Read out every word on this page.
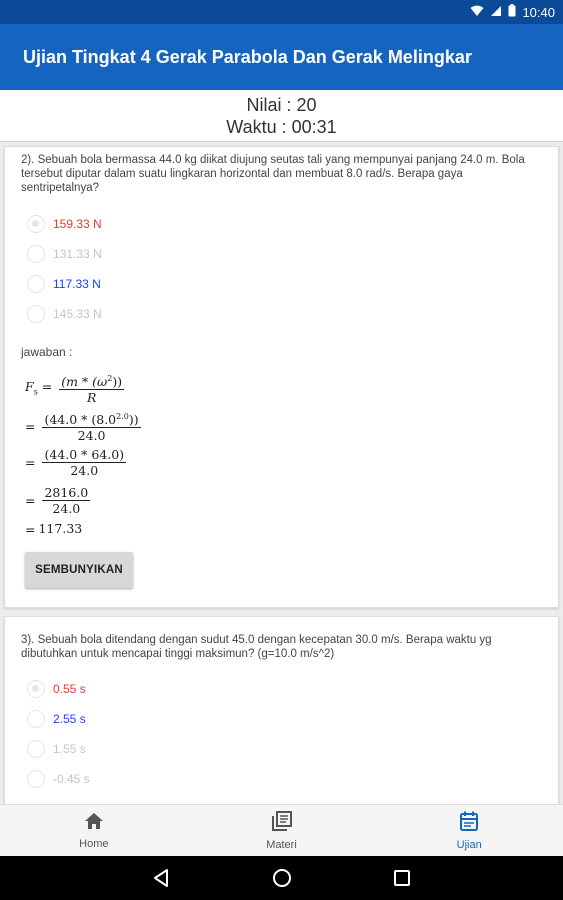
10:40
Ujian Tingkat 4 Gerak Parabola Dan Gerak Melingkar
Nilai : 20
Waktu : 00:31
2). Sebuah bola bermassa 44.0 kg diikat diujung seutas tali yang mempunyai panjang 24.0 m. Bola tersebut diputar dalam suatu lingkaran horizontal dan membuat 8.0 rad/s. Berapa gaya sentripetalnya?
159.33 N
131.33 N
117.33 N
145.33 N
jawaban :
$F_s = \frac{(m * (\omega^2))}{R}$
= $\frac{(44.0 * (8.0^{2.0}))}{24.0}$
= $\frac{(44.0 * 64.0)}{24.0}$
= $\frac{2816.0}{24.0}$
= 117.33
SEMBUNYIKAN
3). Sebuah bola ditendang dengan sudut 45.0 dengan kecepatan 30.0 m/s. Berapa waktu yg dibutuhkan untuk mencapai tinggi maksimun? (g=10.0 m/s^2)
0.55 s
2.55 s
1.55 s
-0.45 s
Home	Materi	Ujian
